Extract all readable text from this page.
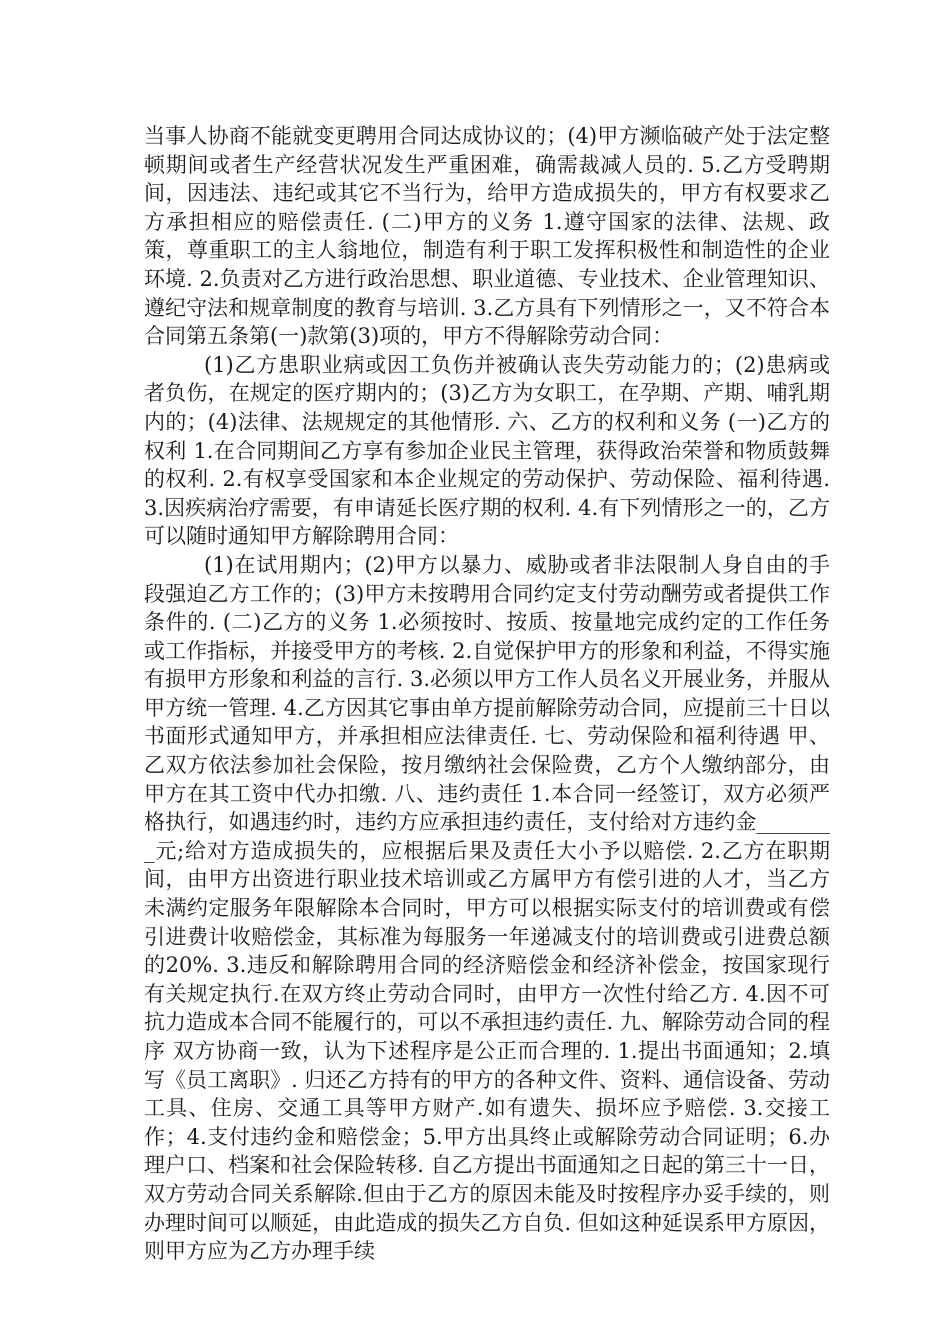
当事人协商不能就变更聘用合同达成协议的；(4)甲方濒临破产处于法定整顿期间或者生产经营状况发生严重困难，确需裁减人员的. 5.乙方受聘期间，因违法、违纪或其它不当行为，给甲方造成损失的，甲方有权要求乙方承担相应的赔偿责任. (二)甲方的义务 1.遵守国家的法律、法规、政策，尊重职工的主人翁地位，制造有利于职工发挥积极性和制造性的企业环境. 2.负责对乙方进行政治思想、职业道德、专业技术、企业管理知识、遵纪守法和规章制度的教育与培训. 3.乙方具有下列情形之一，又不符合本合同第五条第(一)款第(3)项的，甲方不得解除劳动合同：

(1)乙方患职业病或因工负伤并被确认丧失劳动能力的；(2)患病或者负伤，在规定的医疗期内的；(3)乙方为女职工，在孕期、产期、哺乳期内的；(4)法律、法规规定的其他情形. 六、乙方的权利和义务 (一)乙方的权利 1.在合同期间乙方享有参加企业民主管理，获得政治荣誉和物质鼓舞的权利. 2.有权享受国家和本企业规定的劳动保护、劳动保险、福利待遇. 3.因疾病治疗需要，有申请延长医疗期的权利. 4.有下列情形之一的，乙方可以随时通知甲方解除聘用合同：

(1)在试用期内；(2)甲方以暴力、威胁或者非法限制人身自由的手段强迫乙方工作的；(3)甲方未按聘用合同约定支付劳动酬劳或者提供工作条件的. (二)乙方的义务 1.必须按时、按质、按量地完成约定的工作任务或工作指标，并接受甲方的考核. 2.自觉保护甲方的形象和利益，不得实施有损甲方形象和利益的言行. 3.必须以甲方工作人员名义开展业务，并服从甲方统一管理. 4.乙方因其它事由单方提前解除劳动合同，应提前三十日以书面形式通知甲方，并承担相应法律责任. 七、劳动保险和福利待遇 甲、乙双方依法参加社会保险，按月缴纳社会保险费，乙方个人缴纳部分，由甲方在其工资中代办扣缴. 八、违约责任 1.本合同一经签订，双方必须严格执行，如遇违约时，违约方应承担违约责任，支付给对方违约金________元;给对方造成损失的，应根据后果及责任大小予以赔偿. 2.乙方在职期间，由甲方出资进行职业技术培训或乙方属甲方有偿引进的人才，当乙方未满约定服务年限解除本合同时，甲方可以根据实际支付的培训费或有偿引进费计收赔偿金，其标准为每服务一年递减支付的培训费或引进费总额的20%. 3.违反和解除聘用合同的经济赔偿金和经济补偿金，按国家现行有关规定执行.在双方终止劳动合同时，由甲方一次性付给乙方. 4.因不可抗力造成本合同不能履行的，可以不承担违约责任. 九、解除劳动合同的程序 双方协商一致，认为下述程序是公正而合理的. 1.提出书面通知；2.填写《员工离职》. 归还乙方持有的甲方的各种文件、资料、通信设备、劳动工具、住房、交通工具等甲方财产.如有遗失、损坏应予赔偿. 3.交接工作；4.支付违约金和赔偿金；5.甲方出具终止或解除劳动合同证明；6.办理户口、档案和社会保险转移. 自乙方提出书面通知之日起的第三十一日，双方劳动合同关系解除.但由于乙方的原因未能及时按程序办妥手续的，则办理时间可以顺延，由此造成的损失乙方自负. 但如这种延误系甲方原因，则甲方应为乙方办理手续
